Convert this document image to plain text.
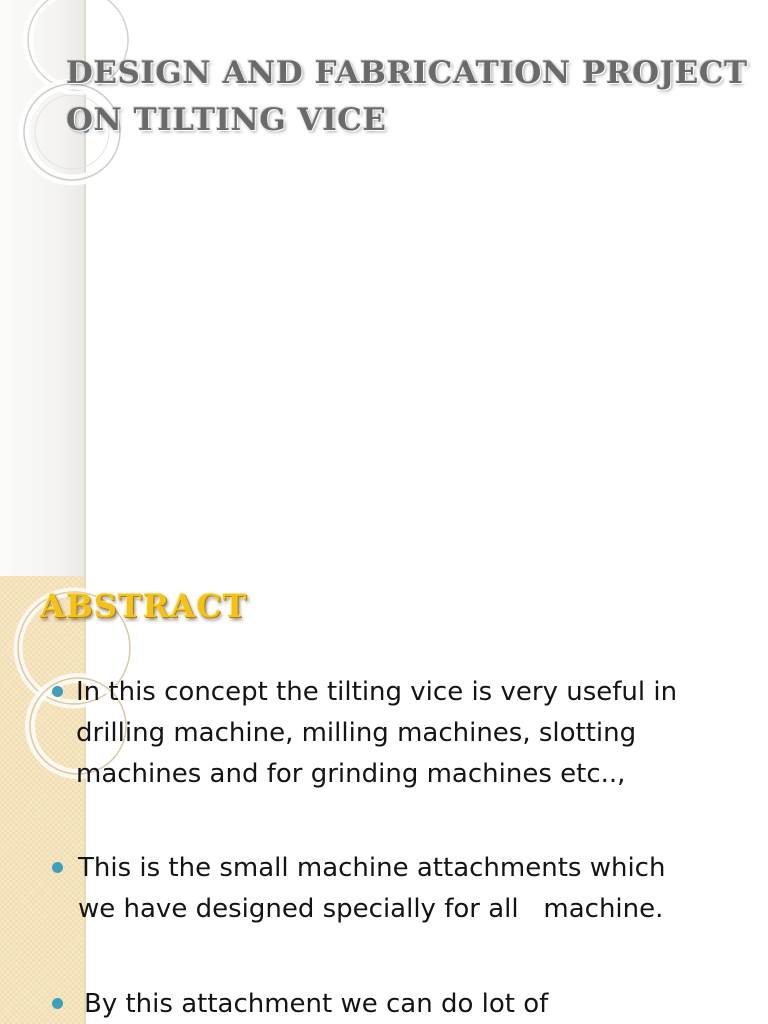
DESIGN AND FABRICATION PROJECT
ON TILTING VICE
ABSTRACT
In this concept the tilting vice is very useful in
drilling machine, milling machines, slotting
machines and for grinding machines etc..,
This is the small machine attachments which
we have designed specially for all   machine.
By this attachment we can do lot of
